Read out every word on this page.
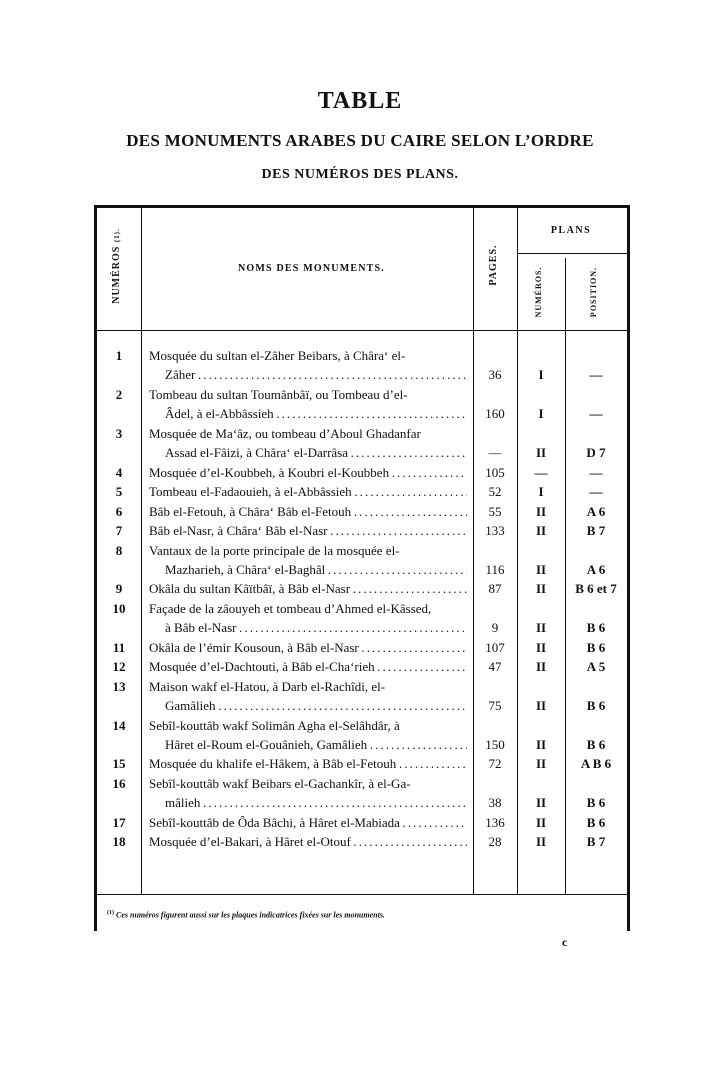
TABLE
DES MONUMENTS ARABES DU CAIRE SELON L’ORDRE
DES NUMÉROS DES PLANS.
NUMÉROS (1).
NOMS DES MONUMENTS.	PAGES.
PLANS
NUMÉROS.	POSITION.
1	Mosquée du sultan el-Zâher Beibars, à Châra‘ el-
Zâher . . .	36	I	—
2	Tombeau du sultan Toumânbâï, ou Tombeau d’el-
Âdel, à el-Abbâssieh . . .	160	I	—
3	Mosquée de Ma‘âz, ou tombeau d’Aboul Ghadanfar
Assad el-Fâizi, à Châra‘ el-Darrâsa . . .	—	II	D 7
4	Mosquée d’el-Koubbeh, à Koubri el-Koubbeh . . .	105	—	—
5	Tombeau el-Fadaouieh, à el-Abbâssieh . . .	52	I	—
6	Bâb el-Fetouh, à Châra‘ Bâb el-Fetouh . . .	55	II	A 6
7	Bâb el-Nasr, à Châra‘ Bâb el-Nasr . . .	133	II	B 7
8	Vantaux de la porte principale de la mosquée el-
Mazharieh, à Châra‘ el-Baghâl . . .	116	II	A 6
9	Okâla du sultan Kâïtbâï, à Bâb el-Nasr . . .	87	II	B 6 et 7
10	Façade de la zâouyeh et tombeau d’Ahmed el-Kâssed,
à Bâb el-Nasr . . .	9	II	B 6
11	Okâla de l’émir Kousoun, à Bâb el-Nasr . . .	107	II	B 6
12	Mosquée d’el-Dachtouti, à Bâb el-Cha‘rieh . . .	47	II	A 5
13	Maison wakf el-Hatou, à Darb el-Rachîdi, el-
Gamâlieh . . .	75	II	B 6
14	Sebîl-kouttâb wakf Solimân Agha el-Selâhdâr, à
Hâret el-Roum el-Gouânieh, Gamâlieh . . .	150	II	B 6
15	Mosquée du khalife el-Hâkem, à Bâb el-Fetouh . . .	72	II	A B 6
16	Sebîl-kouttâb wakf Beibars el-Gachankîr, à el-Ga-
mâlieh . . .	38	II	B 6
17	Sebîl-kouttâb de Ôda Bâchi, à Hâret el-Mabiada . . .	136	II	B 6
18	Mosquée d’el-Bakari, à Hâret el-Otouf . . .	28	II	B 7
$^{(1)}$ Ces numéros figurent aussi sur les plaques indicatrices fixées sur les monuments.
c
